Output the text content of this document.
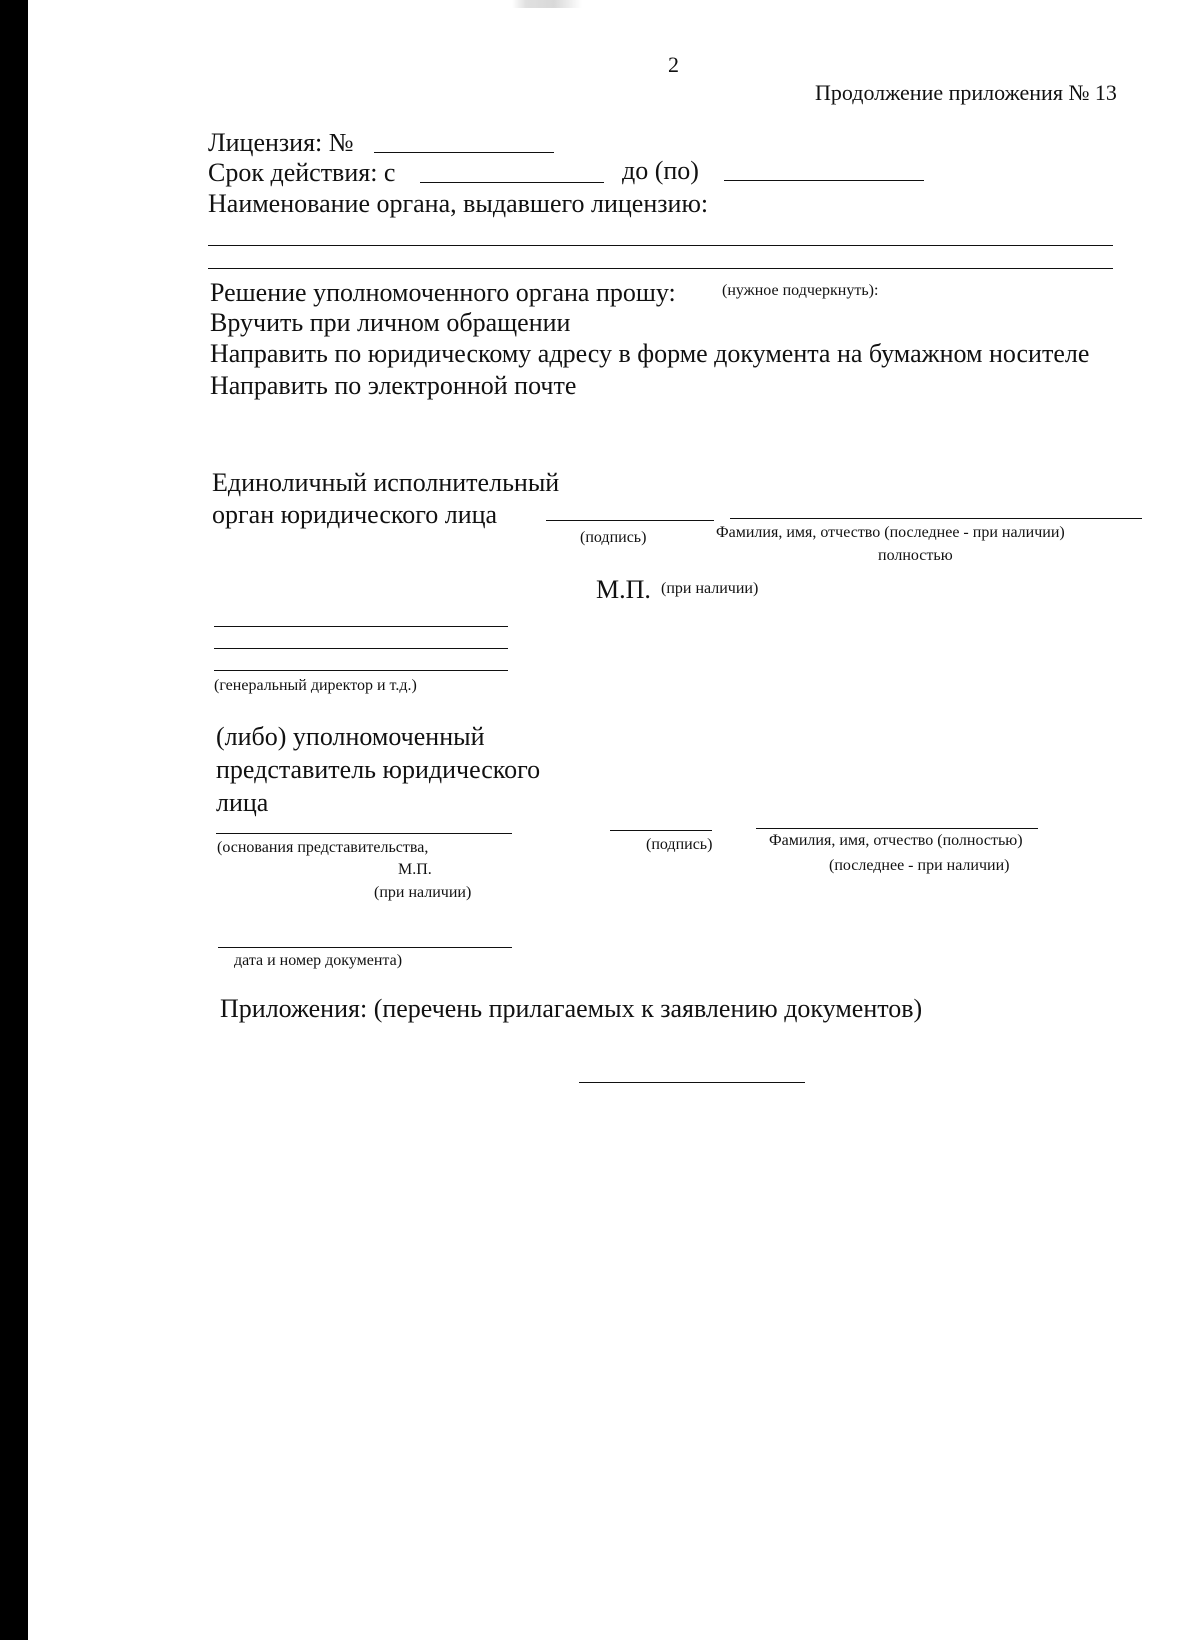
2
Продолжение приложения № 13
Лицензия: №
Срок действия: с	до (по)
Наименование органа, выдавшего лицензию:
Решение уполномоченного органа прошу:	(нужное подчеркнуть):
Вручить при личном обращении
Направить по юридическому адресу в форме документа на бумажном носителе
Направить по электронной почте
Единоличный исполнительный
орган юридического лица
(подпись)	Фамилия, имя, отчество (последнее - при наличии)
полностью
М.П. (при наличии)
(генеральный директор и т.д.)
(либо) уполномоченный
представитель юридического
лица
(основания представительства,
М.П.
(при наличии)
(подпись)	Фамилия, имя, отчество (полностью)
(последнее - при наличии)
дата и номер документа)
Приложения: (перечень прилагаемых к заявлению документов)
